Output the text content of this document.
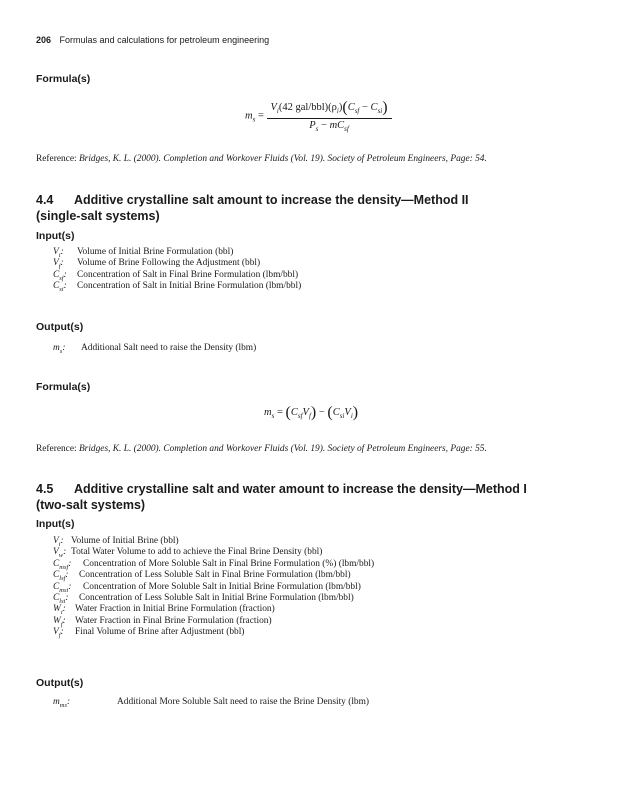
206 Formulas and calculations for petroleum engineering
Formula(s)
$m_s = \frac{V_i(42 gal/bbl)(\rho_i)(C_{sf} - C_{si})}{P_s - mC_{sf}}$
Reference: Bridges, K. L. (2000). Completion and Workover Fluids (Vol. 19). Society of Petroleum Engineers, Page: 54.
4.4 Additive crystalline salt amount to increase the density—Method II
(single-salt systems)
Input(s)
$V_i$: Volume of Initial Brine Formulation (bbl)
$V_f$: Volume of Brine Following the Adjustment (bbl)
$C_{sf}$: Concentration of Salt in Final Brine Formulation (lbm/bbl)
$C_{si}$: Concentration of Salt in Initial Brine Formulation (lbm/bbl)
Output(s)
$m_s$: Additional Salt need to raise the Density (lbm)
Formula(s)
$m_s = (C_{sf}V_f) - (C_{si}V_i)$
Reference: Bridges, K. L. (2000). Completion and Workover Fluids (Vol. 19). Society of Petroleum Engineers, Page: 55.
4.5 Additive crystalline salt and water amount to increase the density—Method I
(two-salt systems)
Input(s)
$V_i$: Volume of Initial Brine (bbl)
$V_w$: Total Water Volume to add to achieve the Final Brine Density (bbl)
$C_{msf}$: Concentration of More Soluble Salt in Final Brine Formulation (%) (lbm/bbl)
$C_{lsf}$: Concentration of Less Soluble Salt in Final Brine Formulation (lbm/bbl)
$C_{msi}$: Concentration of More Soluble Salt in Initial Brine Formulation (lbm/bbl)
$C_{lsi}$: Concentration of Less Soluble Salt in Initial Brine Formulation (lbm/bbl)
$W_i$: Water Fraction in Initial Brine Formulation (fraction)
$W_f$: Water Fraction in Final Brine Formulation (fraction)
$V_f$: Final Volume of Brine after Adjustment (bbl)
Output(s)
$m_{ms}$:	Additional More Soluble Salt need to raise the Brine Density (lbm)
